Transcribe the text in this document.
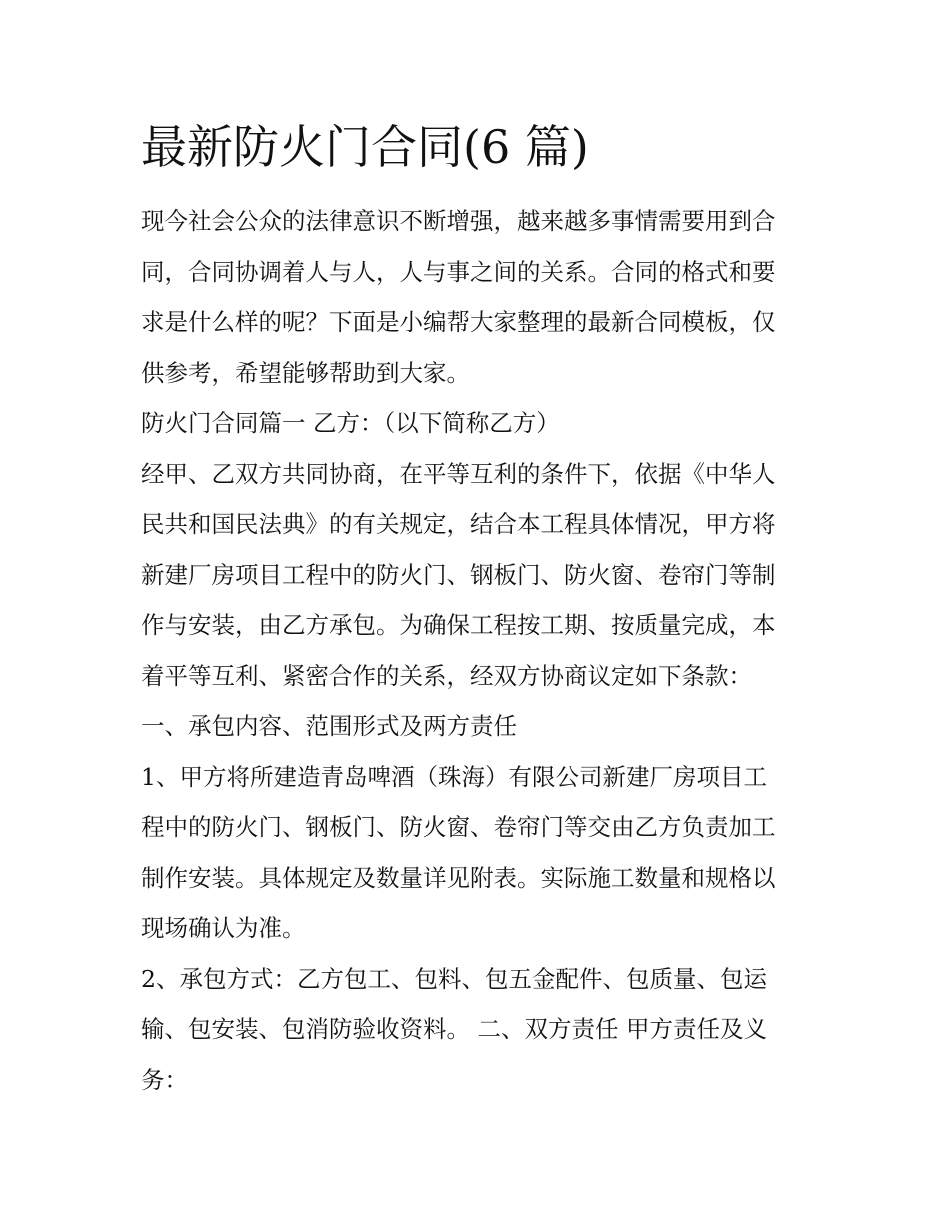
最新防火门合同(6 篇)

现今社会公众的法律意识不断增强，越来越多事情需要用到合

同，合同协调着人与人，人与事之间的关系。合同的格式和要

求是什么样的呢？下面是小编帮大家整理的最新合同模板，仅

供参考，希望能够帮助到大家。

防火门合同篇一 乙方：（以下简称乙方）

经甲、乙双方共同协商，在平等互利的条件下，依据《中华人

民共和国民法典》的有关规定，结合本工程具体情况，甲方将

新建厂房项目工程中的防火门、钢板门、防火窗、卷帘门等制

作与安装，由乙方承包。为确保工程按工期、按质量完成，本

着平等互利、紧密合作的关系，经双方协商议定如下条款：

一、承包内容、范围形式及两方责任

1、甲方将所建造青岛啤酒（珠海）有限公司新建厂房项目工

程中的防火门、钢板门、防火窗、卷帘门等交由乙方负责加工

制作安装。具体规定及数量详见附表。实际施工数量和规格以

现场确认为准。

2、承包方式：乙方包工、包料、包五金配件、包质量、包运

输、包安装、包消防验收资料。 二、双方责任 甲方责任及义

务：
